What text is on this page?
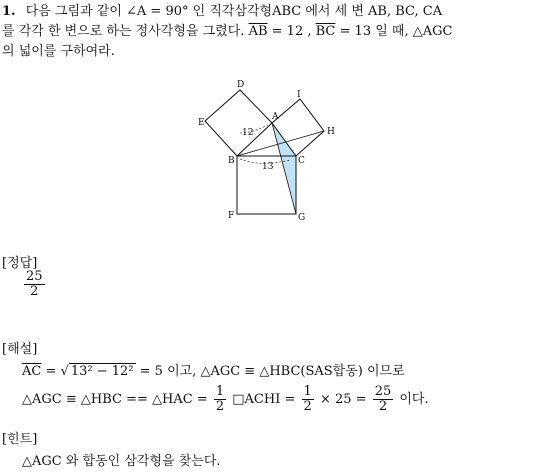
1. 다음 그림과 같이 ∠A = 90° 인 직각삼각형ABC 에서 세 변 AB, BC, CA
를 각각 한 변으로 하는 정사각형을 그렸다. $\overline{AB} = 12$ , $\overline{BC} = 13$ 일 때, △AGC
의 넓이를 구하여라.
D
I
E
A
H
B	C
F	G
12
13
[정답]
$\frac{25}{2}$
[해설]
$\overline{AC}$ = √ 13² − 12² = 5 이고, △AGC ≡ △HBC(SAS합동) 이므로
△AGC ≡ △HBC == △HAC = $\frac{1}{2}$ □ACHI = $\frac{1}{2} \times 25 = \frac{25}{2}$ 이다.
[힌트]
△AGC 와 합동인 삼각형을 찾는다.
